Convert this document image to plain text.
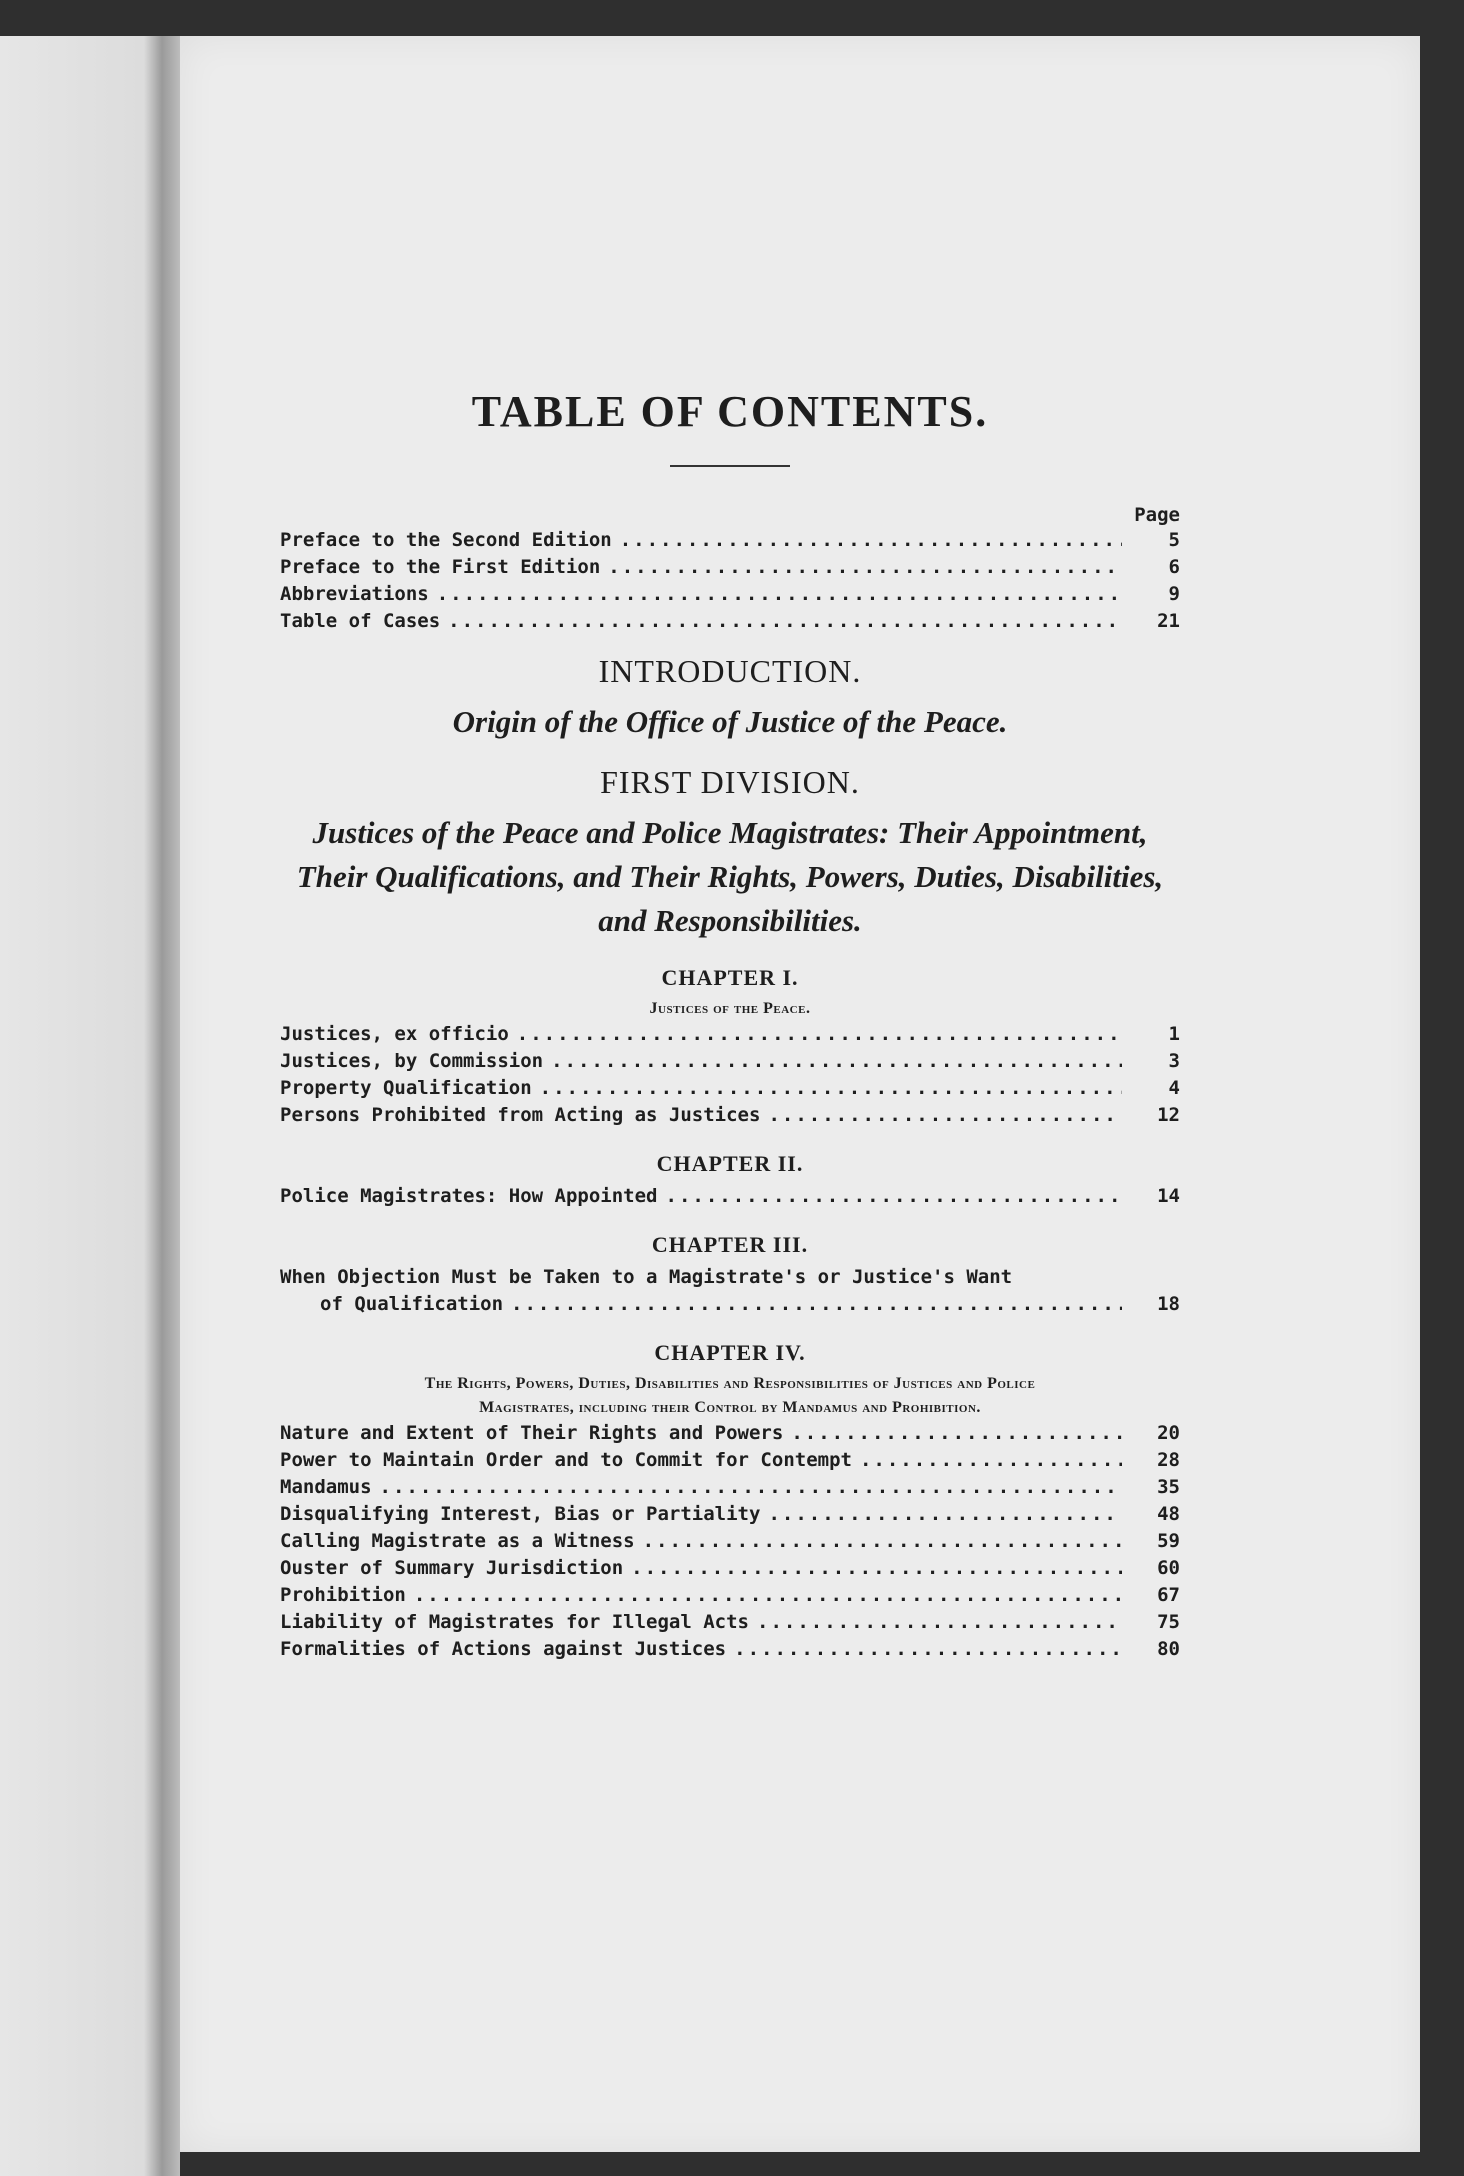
TABLE OF CONTENTS.
Page
Preface to the Second Edition .....	5
Preface to the First Edition .....	6
Abbreviations .....	9
Table of Cases .....	21
INTRODUCTION.
Origin of the Office of Justice of the Peace.
FIRST DIVISION.
Justices of the Peace and Police Magistrates: Their Appointment, Their Qualifications, and Their Rights, Powers, Duties, Disabilities, and Responsibilities.
CHAPTER I.
Justices of the Peace.
Justices, ex officio .....	1
Justices, by Commission .....	3
Property Qualification .....	4
Persons Prohibited from Acting as Justices .....	12
CHAPTER II.
Police Magistrates: How Appointed .....	14
CHAPTER III.
When Objection Must be Taken to a Magistrate's or Justice's Want
of Qualification .....	18
CHAPTER IV.
The Rights, Powers, Duties, Disabilities and Responsibilities of Justices and Police Magistrates, including their Control by Mandamus and Prohibition.
Nature and Extent of Their Rights and Powers .....	20
Power to Maintain Order and to Commit for Contempt .....	28
Mandamus .....	35
Disqualifying Interest, Bias or Partiality .....	48
Calling Magistrate as a Witness .....	59
Ouster of Summary Jurisdiction .....	60
Prohibition .....	67
Liability of Magistrates for Illegal Acts .....	75
Formalities of Actions against Justices .....	80
